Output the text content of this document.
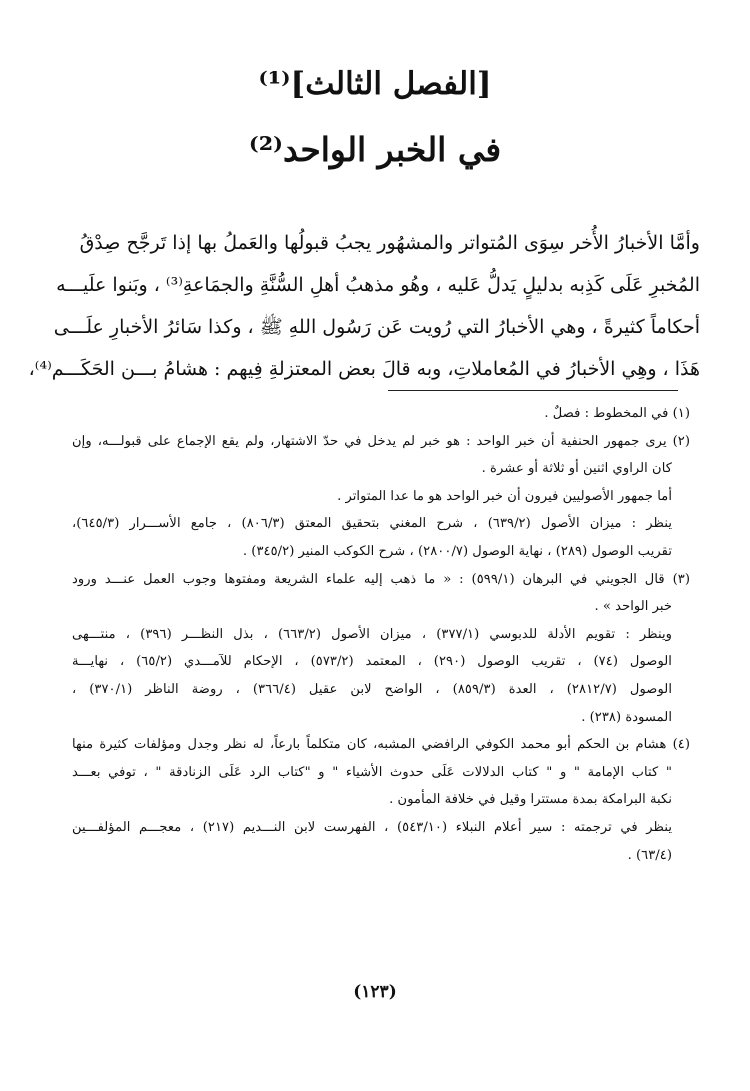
[الفصل الثالث]⁽¹⁾
في الخبر الواحد⁽²⁾

وأمَّا الأخبارُ الأُخر سِوَى المُتواتر والمشهُور يجبُ قبولُها والعَملُ بها إذا تَرجَّح صِدْقُ

المُخبرِ عَلَى كَذِبه بدليلٍ يَدلُّ عَليه ، وهُو مذهبُ أهلِ السُّنَّةِ والجمَاعةِ⁽³⁾ ، وبَنوا علَيـــه

أحكاماً كثيرةً ، وهي الأخبارُ التي رُويت عَن رَسُول اللهِ ﷺ ، وكذا سَائرُ الأخبارِ علَـــى

هَذَا ، وهِي الأخبارُ في المُعاملاتِ، وبه قالَ بعض المعتزلةِ فِيهم : هشامُ بـــن الحَكَـــم⁽⁴⁾،

(١) في المخطوط : فصلٌ .
(٢) يرى جمهور الحنفية أن خبر الواحد : هو خبر لم يدخل في حدّ الاشتهار، ولم يقع الإجماع على قبولـــه، وإن
كان الراوي اثنين أو ثلاثة أو عشرة .
أما جمهور الأصوليين فيرون أن خبر الواحد هو ما عدا المتواتر .
ينظر : ميزان الأصول (٦٣٩/٢) ، شرح المغني بتحقيق المعتق (٨٠٦/٣) ، جامع الأســـرار (٦٤٥/٣)،
تقريب الوصول (٢٨٩) ، نهاية الوصول (٢٨٠٠/٧) ، شرح الكوكب المنير (٣٤٥/٢) .
(٣) قال الجويني في البرهان (٥٩٩/١) : « ما ذهب إليه علماء الشريعة ومفتوها وجوب العمل عنـــد ورود
خبر الواحد » .
وينظر : تقويم الأدلة للدبوسي (٣٧٧/١) ، ميزان الأصول (٦٦٣/٢) ، بذل النظـــر (٣٩٦) ، منتـــهى
الوصول (٧٤) ، تقريب الوصول (٢٩٠) ، المعتمد (٥٧٣/٢) ، الإحكام للآمـــدي (٦٥/٢) ، نهايـــة
الوصول (٢٨١٢/٧) ، العدة (٨٥٩/٣) ، الواضح لابن عقيل (٣٦٦/٤) ، روضة الناظر (٣٧٠/١) ،
المسودة (٢٣٨) .
(٤) هشام بن الحكم أبو محمد الكوفي الرافضي المشبه، كان متكلماً بارعاً، له نظر وجدل ومؤلفات كثيرة منها
" كتاب الإمامة " و " كتاب الدلالات عَلَى حدوث الأشياء " و "كتاب الرد عَلَى الزنادقة " ، توفي بعـــد
نكبة البرامكة بمدة مستترا وقيل في خلافة المأمون .
ينظر في ترجمته : سير أعلام النبلاء (٥٤٣/١٠) ، الفهرست لابن النـــديم (٢١٧) ، معجـــم المؤلفـــين
(٦٣/٤) .
(١٢٣)
